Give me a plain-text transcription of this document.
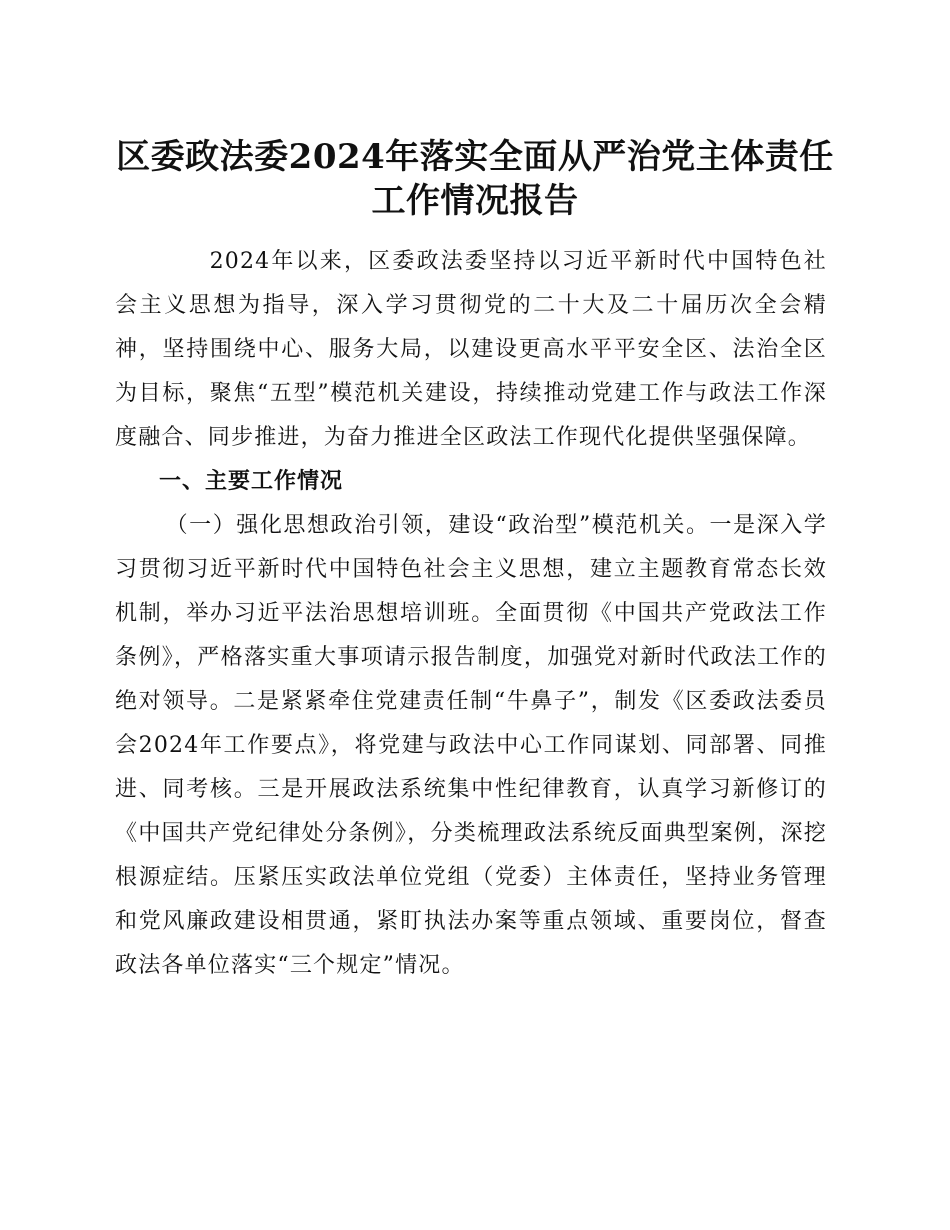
区委政法委2024年落实全面从严治党主体责任
工作情况报告

2024年以来，区委政法委坚持以习近平新时代中国特色社会主义思想为指导，深入学习贯彻党的二十大及二十届历次全会精神，坚持围绕中心、服务大局，以建设更高水平平安全区、法治全区为目标，聚焦“五型”模范机关建设，持续推动党建工作与政法工作深度融合、同步推进，为奋力推进全区政法工作现代化提供坚强保障。

一、主要工作情况

（一）强化思想政治引领，建设“政治型”模范机关。一是深入学习贯彻习近平新时代中国特色社会主义思想，建立主题教育常态长效机制，举办习近平法治思想培训班。全面贯彻《中国共产党政法工作条例》，严格落实重大事项请示报告制度，加强党对新时代政法工作的绝对领导。二是紧紧牵住党建责任制“牛鼻子”，制发《区委政法委员会2024年工作要点》，将党建与政法中心工作同谋划、同部署、同推进、同考核。三是开展政法系统集中性纪律教育，认真学习新修订的《中国共产党纪律处分条例》，分类梳理政法系统反面典型案例，深挖根源症结。压紧压实政法单位党组（党委）主体责任，坚持业务管理和党风廉政建设相贯通，紧盯执法办案等重点领域、重要岗位，督查政法各单位落实“三个规定”情况。
